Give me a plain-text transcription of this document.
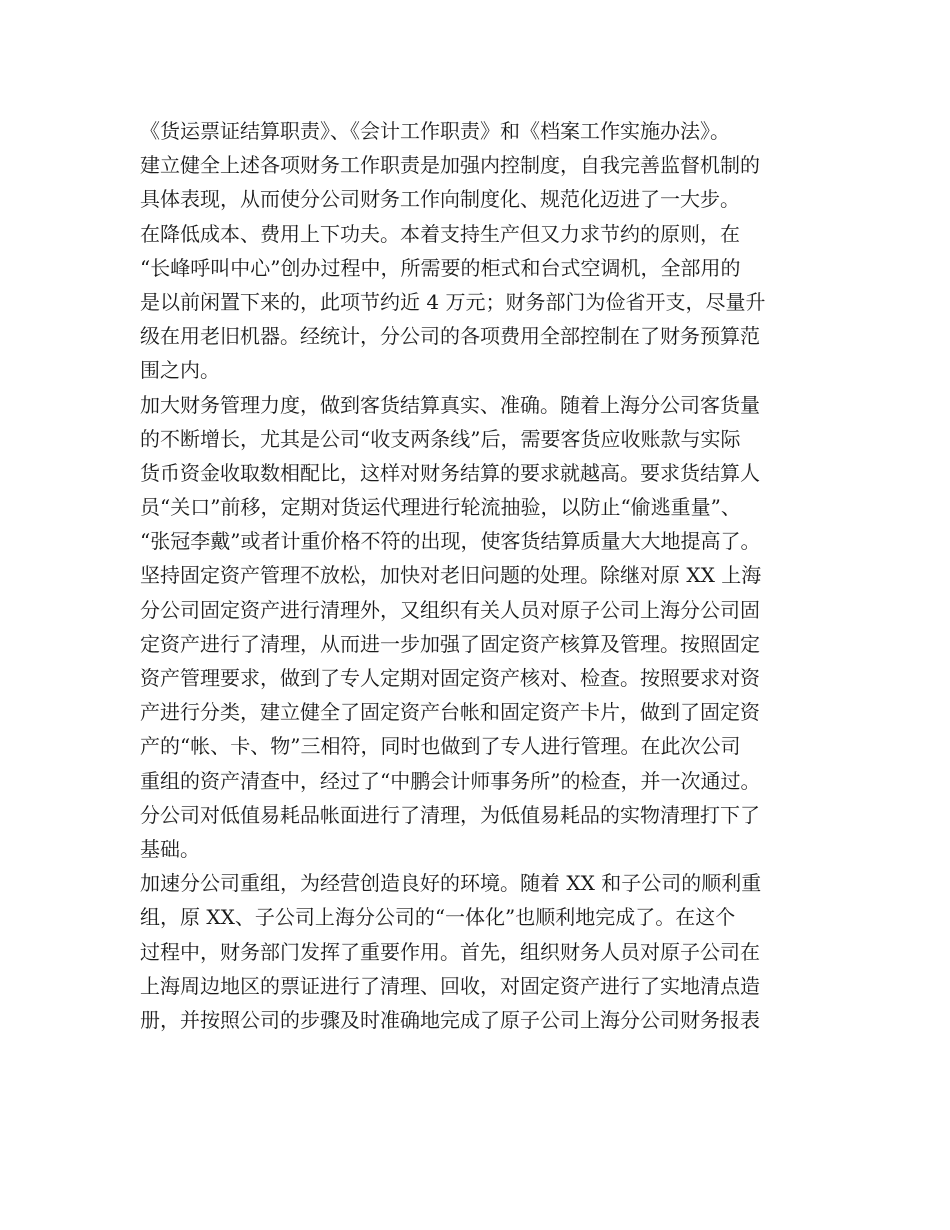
《货运票证结算职责》、《会计工作职责》和《档案工作实施办法》。
建立健全上述各项财务工作职责是加强内控制度，自我完善监督机制的
具体表现，从而使分公司财务工作向制度化、规范化迈进了一大步。
在降低成本、费用上下功夫。本着支持生产但又力求节约的原则，在
“长峰呼叫中心”创办过程中，所需要的柜式和台式空调机，全部用的
是以前闲置下来的，此项节约近 4 万元；财务部门为俭省开支，尽量升
级在用老旧机器。经统计，分公司的各项费用全部控制在了财务预算范
围之内。
加大财务管理力度，做到客货结算真实、准确。随着上海分公司客货量
的不断增长，尤其是公司“收支两条线”后，需要客货应收账款与实际
货币资金收取数相配比，这样对财务结算的要求就越高。要求货结算人
员“关口”前移，定期对货运代理进行轮流抽验，以防止“偷逃重量”、
“张冠李戴”或者计重价格不符的出现，使客货结算质量大大地提高了。
坚持固定资产管理不放松，加快对老旧问题的处理。除继对原 XX 上海
分公司固定资产进行清理外，又组织有关人员对原子公司上海分公司固
定资产进行了清理，从而进一步加强了固定资产核算及管理。按照固定
资产管理要求，做到了专人定期对固定资产核对、检查。按照要求对资
产进行分类，建立健全了固定资产台帐和固定资产卡片，做到了固定资
产的“帐、卡、物”三相符，同时也做到了专人进行管理。在此次公司
重组的资产清查中，经过了“中鹏会计师事务所”的检查，并一次通过。
分公司对低值易耗品帐面进行了清理，为低值易耗品的实物清理打下了
基础。
加速分公司重组，为经营创造良好的环境。随着 XX 和子公司的顺利重
组，原 XX、子公司上海分公司的“一体化”也顺利地完成了。在这个
过程中，财务部门发挥了重要作用。首先，组织财务人员对原子公司在
上海周边地区的票证进行了清理、回收，对固定资产进行了实地清点造
册，并按照公司的步骤及时准确地完成了原子公司上海分公司财务报表
